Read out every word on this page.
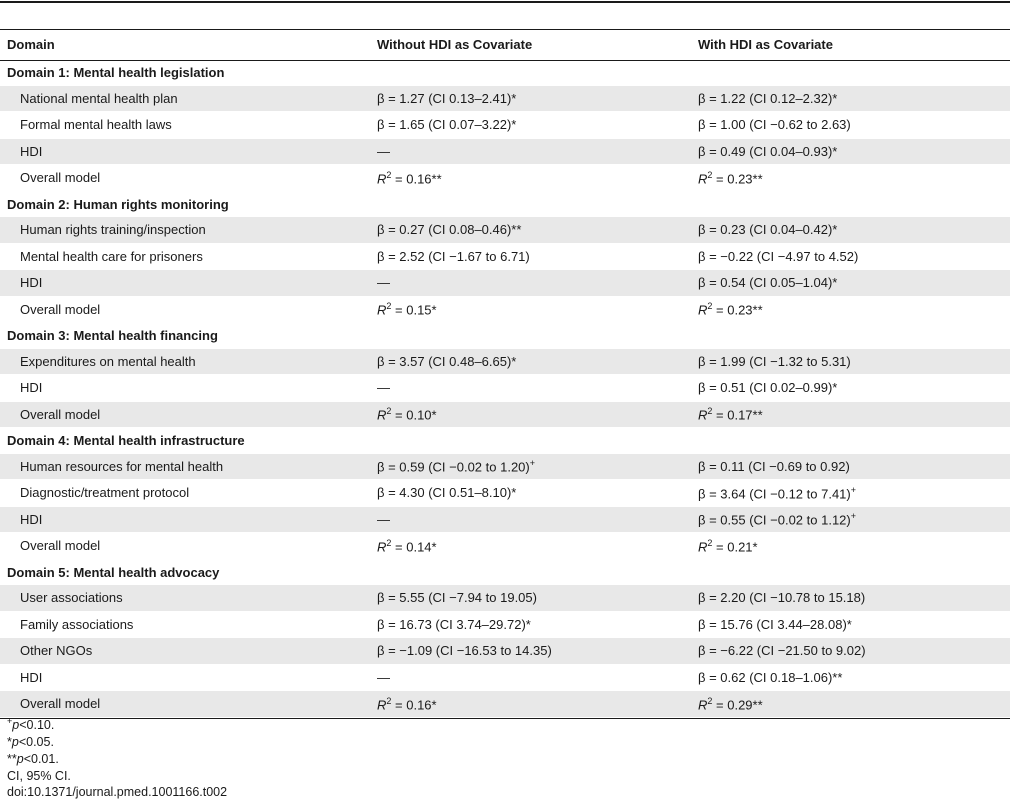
Domain	Without HDI as Covariate	With HDI as Covariate
Domain 1: Mental health legislation		
National mental health plan	β = 1.27 (CI 0.13–2.41)*	β = 1.22 (CI 0.12–2.32)*
Formal mental health laws	β = 1.65 (CI 0.07–3.22)*	β = 1.00 (CI −0.62 to 2.63)
HDI	—	β = 0.49 (CI 0.04–0.93)*
Overall model	$R^2 = 0.16**$	$R^2 = 0.23**$
Domain 2: Human rights monitoring		
Human rights training/inspection	β = 0.27 (CI 0.08–0.46)**	β = 0.23 (CI 0.04–0.42)*
Mental health care for prisoners	β = 2.52 (CI −1.67 to 6.71)	β = −0.22 (CI −4.97 to 4.52)
HDI	—	β = 0.54 (CI 0.05–1.04)*
Overall model	$R^2 = 0.15*$	$R^2 = 0.23**$
Domain 3: Mental health financing		
Expenditures on mental health	β = 3.57 (CI 0.48–6.65)*	β = 1.99 (CI −1.32 to 5.31)
HDI	—	β = 0.51 (CI 0.02–0.99)*
Overall model	$R^2 = 0.10*$	$R^2 = 0.17**$
Domain 4: Mental health infrastructure		
Human resources for mental health	β = 0.59 (CI −0.02 to 1.20)+	β = 0.11 (CI −0.69 to 0.92)
Diagnostic/treatment protocol	β = 4.30 (CI 0.51–8.10)*	β = 3.64 (CI −0.12 to 7.41)+
HDI	—	β = 0.55 (CI −0.02 to 1.12)+
Overall model	$R^2 = 0.14*$	$R^2 = 0.21*$
Domain 5: Mental health advocacy		
User associations	β = 5.55 (CI −7.94 to 19.05)	β = 2.20 (CI −10.78 to 15.18)
Family associations	β = 16.73 (CI 3.74–29.72)*	β = 15.76 (CI 3.44–28.08)*
Other NGOs	β = −1.09 (CI −16.53 to 14.35)	β = −6.22 (CI −21.50 to 9.02)
HDI	—	β = 0.62 (CI 0.18–1.06)**
Overall model	$R^2 = 0.16*$	$R^2 = 0.29**$
+p<0.10.
*p<0.05.
**p<0.01.
CI, 95% CI.
doi:10.1371/journal.pmed.1001166.t002
